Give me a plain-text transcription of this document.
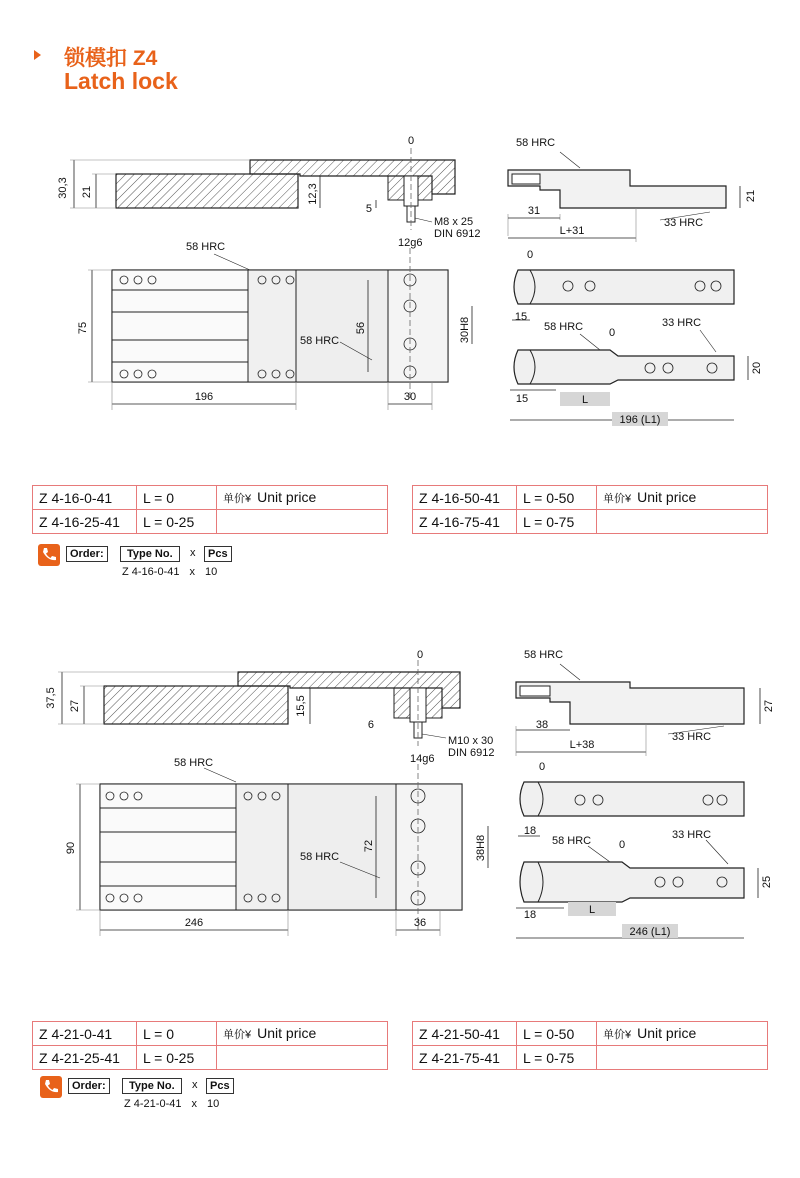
锁模扣 Z4
Latch lock
30,3 21	12,3
5
0
M8 x 25
DIN 6912
12g6
75	56	30H8
196	30
58 HRC
58 HRC
31
L+31
21
58 HRC
33 HRC
0
15
15	L
196 (L1)
20
58 HRC 0
33 HRC
Z 4-16-0-41	L = 0	单价¥ Unit price
Z 4-16-25-41	L = 0-25	
Z 4-16-50-41	L = 0-50	单价¥ Unit price
Z 4-16-75-41	L = 0-75	
Order:	Type No.	x	Pcs
Z 4-16-0-41 x 10
37,5 27	15,5
6
0
M10 x 30
DIN 6912
14g6
90	72	38H8
246	36
58 HRC
58 HRC
38
L+38
27
58 HRC
33 HRC
0
18
18	L
246 (L1)
25
58 HRC	0
33 HRC
Z 4-21-0-41	L = 0	单价¥ Unit price
Z 4-21-25-41	L = 0-25	
Z 4-21-50-41	L = 0-50	单价¥ Unit price
Z 4-21-75-41	L = 0-75	
Order:	Type No.	x	Pcs
Z 4-21-0-41 x 10
